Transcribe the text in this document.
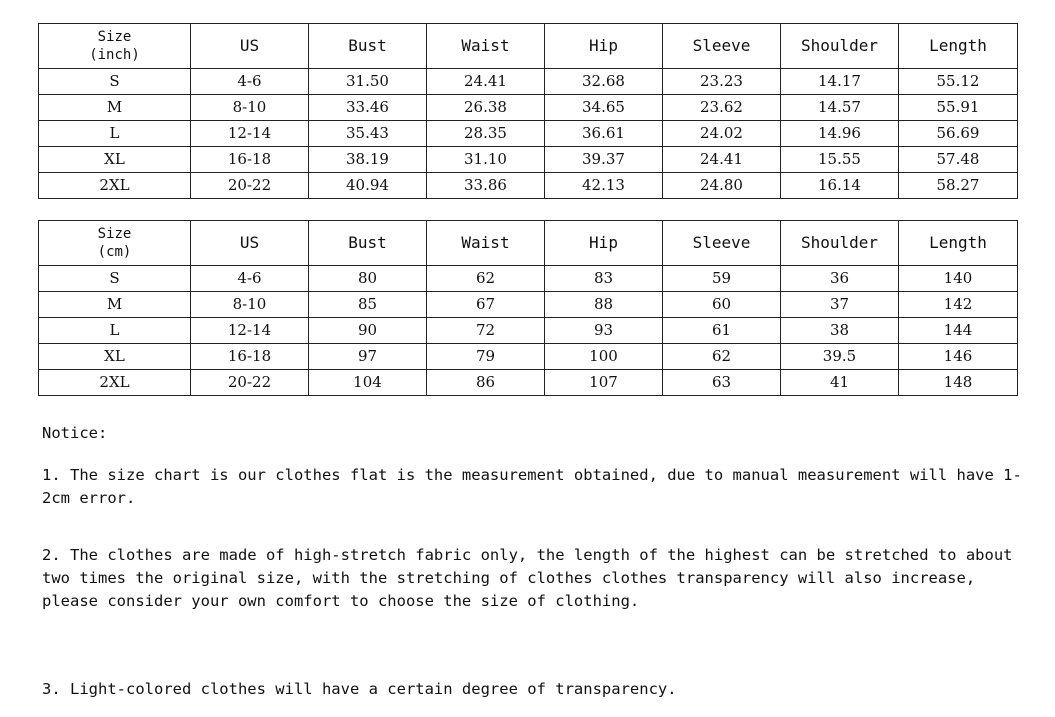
Size
(inch)	US	Bust	Waist	Hip	Sleeve	Shoulder	Length
S	4-6	31.50	24.41	32.68	23.23	14.17	55.12
M	8-10	33.46	26.38	34.65	23.62	14.57	55.91
L	12-14	35.43	28.35	36.61	24.02	14.96	56.69
XL	16-18	38.19	31.10	39.37	24.41	15.55	57.48
2XL	20-22	40.94	33.86	42.13	24.80	16.14	58.27
Size
(cm)	US	Bust	Waist	Hip	Sleeve	Shoulder	Length
S	4-6	80	62	83	59	36	140
M	8-10	85	67	88	60	37	142
L	12-14	90	72	93	61	38	144
XL	16-18	97	79	100	62	39.5	146
2XL	20-22	104	86	107	63	41	148

Notice:

1. The size chart is our clothes flat is the measurement obtained, due to manual measurement will have 1-2cm error.

2. The clothes are made of high-stretch fabric only, the length of the highest can be stretched to about two times the original size, with the stretching of clothes clothes transparency will also increase, please consider your own comfort to choose the size of clothing.

3. Light-colored clothes will have a certain degree of transparency.
